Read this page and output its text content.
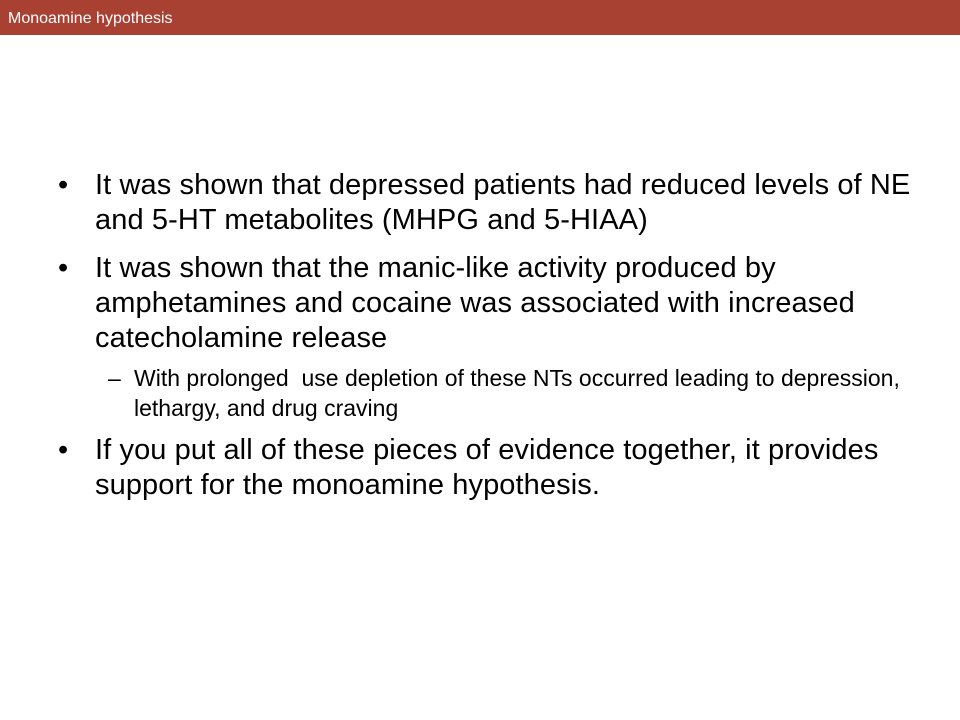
Monoamine hypothesis
• It was shown that depressed patients had reduced levels of NE and 5-HT metabolites (MHPG and 5-HIAA)
• It was shown that the manic-like activity produced by amphetamines and cocaine was associated with increased catecholamine release
– With prolonged  use depletion of these NTs occurred leading to depression, lethargy, and drug craving
• If you put all of these pieces of evidence together, it provides support for the monoamine hypothesis.
